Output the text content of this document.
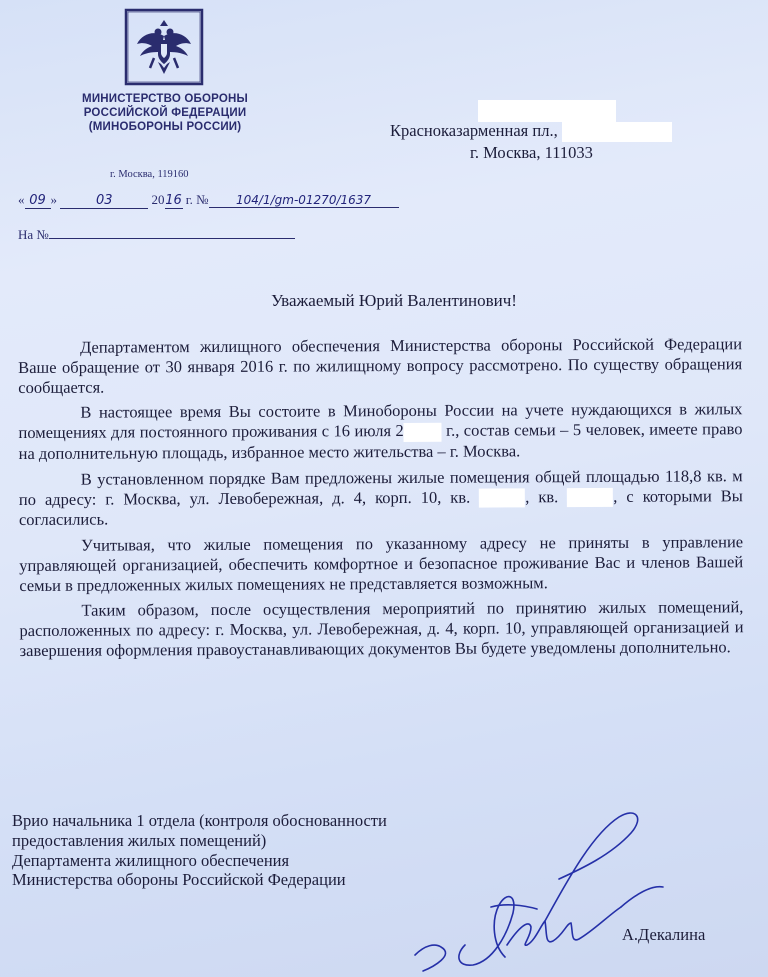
МИНИСТЕРСТВО ОБОРОНЫ
РОССИЙСКОЙ ФЕДЕРАЦИИ
(МИНОБОРОНЫ РОССИИ)
г. Москва, 119160
« 09 »	03	2016 г. № 104/1/gm-01270/1637
На №
Красноказарменная пл.,
г. Москва, 111033
Уважаемый Юрий Валентинович!

Департаментом жилищного обеспечения Министерства обороны Российской Федерации Ваше обращение от 30 января 2016 г. по жилищному вопросу рассмотрено. По существу обращения сообщается.

В настоящее время Вы состоите в Минобороны России на учете нуждающихся в жилых помещениях для постоянного проживания с 16 июля 2 г., состав семьи – 5 человек, имеете право на дополнительную площадь, избранное место жительства – г. Москва.

В установленном порядке Вам предложены жилые помещения общей площадью 118,8 кв. м по адресу: г. Москва, ул. Левобережная, д. 4, корп. 10, кв.	, кв.	, с которыми Вы согласились.

Учитывая, что жилые помещения по указанному адресу не приняты в управление управляющей организацией, обеспечить комфортное и безопасное проживание Вас и членов Вашей семьи в предложенных жилых помещениях не представляется возможным.

Таким образом, после осуществления мероприятий по принятию жилых помещений, расположенных по адресу: г. Москва, ул. Левобережная, д. 4, корп. 10, управляющей организацией и завершения оформления правоустанавливающих документов Вы будете уведомлены дополнительно.

Врио начальника 1 отдела (контроля обоснованности
предоставления жилых помещений)
Департамента жилищного обеспечения
Министерства обороны Российской Федерации
А.Декалина
